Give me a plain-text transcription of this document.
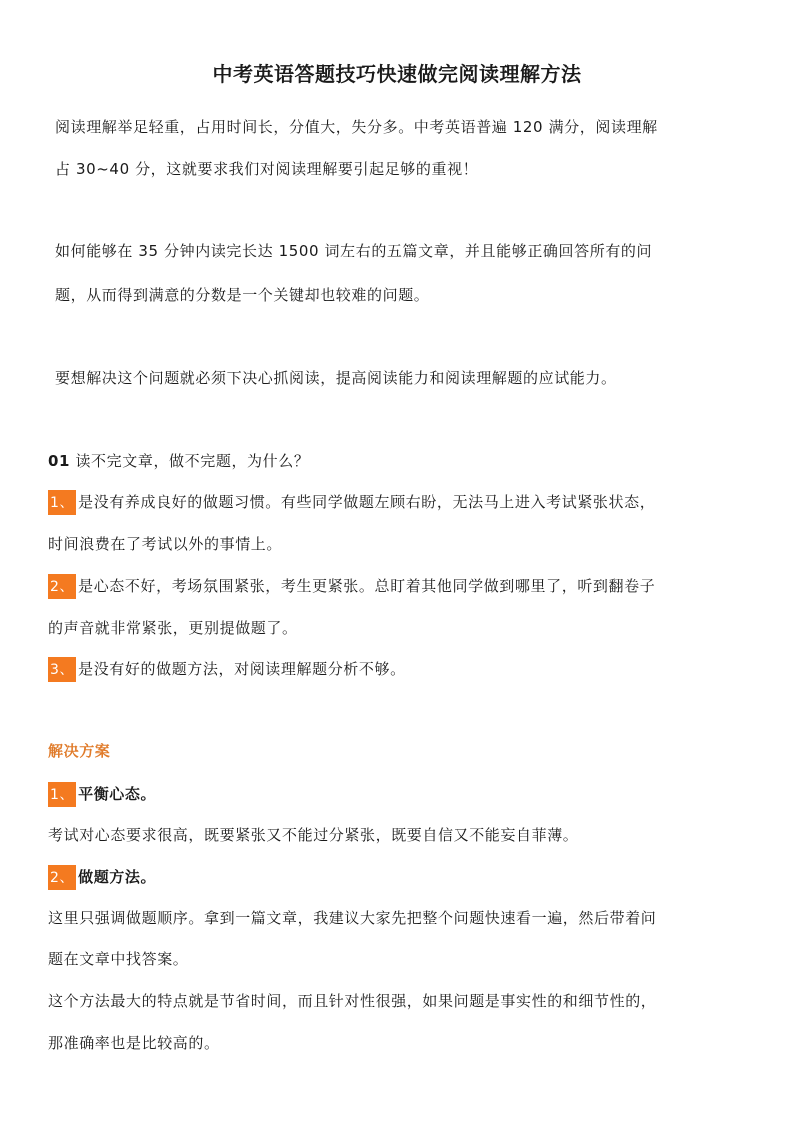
中考英语答题技巧快速做完阅读理解方法
阅读理解举足轻重，占用时间长，分值大，失分多。中考英语普遍 120 满分，阅读理解
占 30~40 分，这就要求我们对阅读理解要引起足够的重视！
如何能够在 35 分钟内读完长达 1500 词左右的五篇文章，并且能够正确回答所有的问
题，从而得到满意的分数是一个关键却也较难的问题。
要想解决这个问题就必须下决心抓阅读，提高阅读能力和阅读理解题的应试能力。
01 读不完文章，做不完题，为什么？
1、 是没有养成良好的做题习惯。有些同学做题左顾右盼，无法马上进入考试紧张状态，
时间浪费在了考试以外的事情上。
2、 是心态不好，考场氛围紧张，考生更紧张。总盯着其他同学做到哪里了，听到翻卷子
的声音就非常紧张，更别提做题了。
3、 是没有好的做题方法，对阅读理解题分析不够。
解决方案
1、 平衡心态。
考试对心态要求很高，既要紧张又不能过分紧张，既要自信又不能妄自菲薄。
2、 做题方法。
这里只强调做题顺序。拿到一篇文章，我建议大家先把整个问题快速看一遍，然后带着问
题在文章中找答案。
这个方法最大的特点就是节省时间，而且针对性很强，如果问题是事实性的和细节性的，
那准确率也是比较高的。
